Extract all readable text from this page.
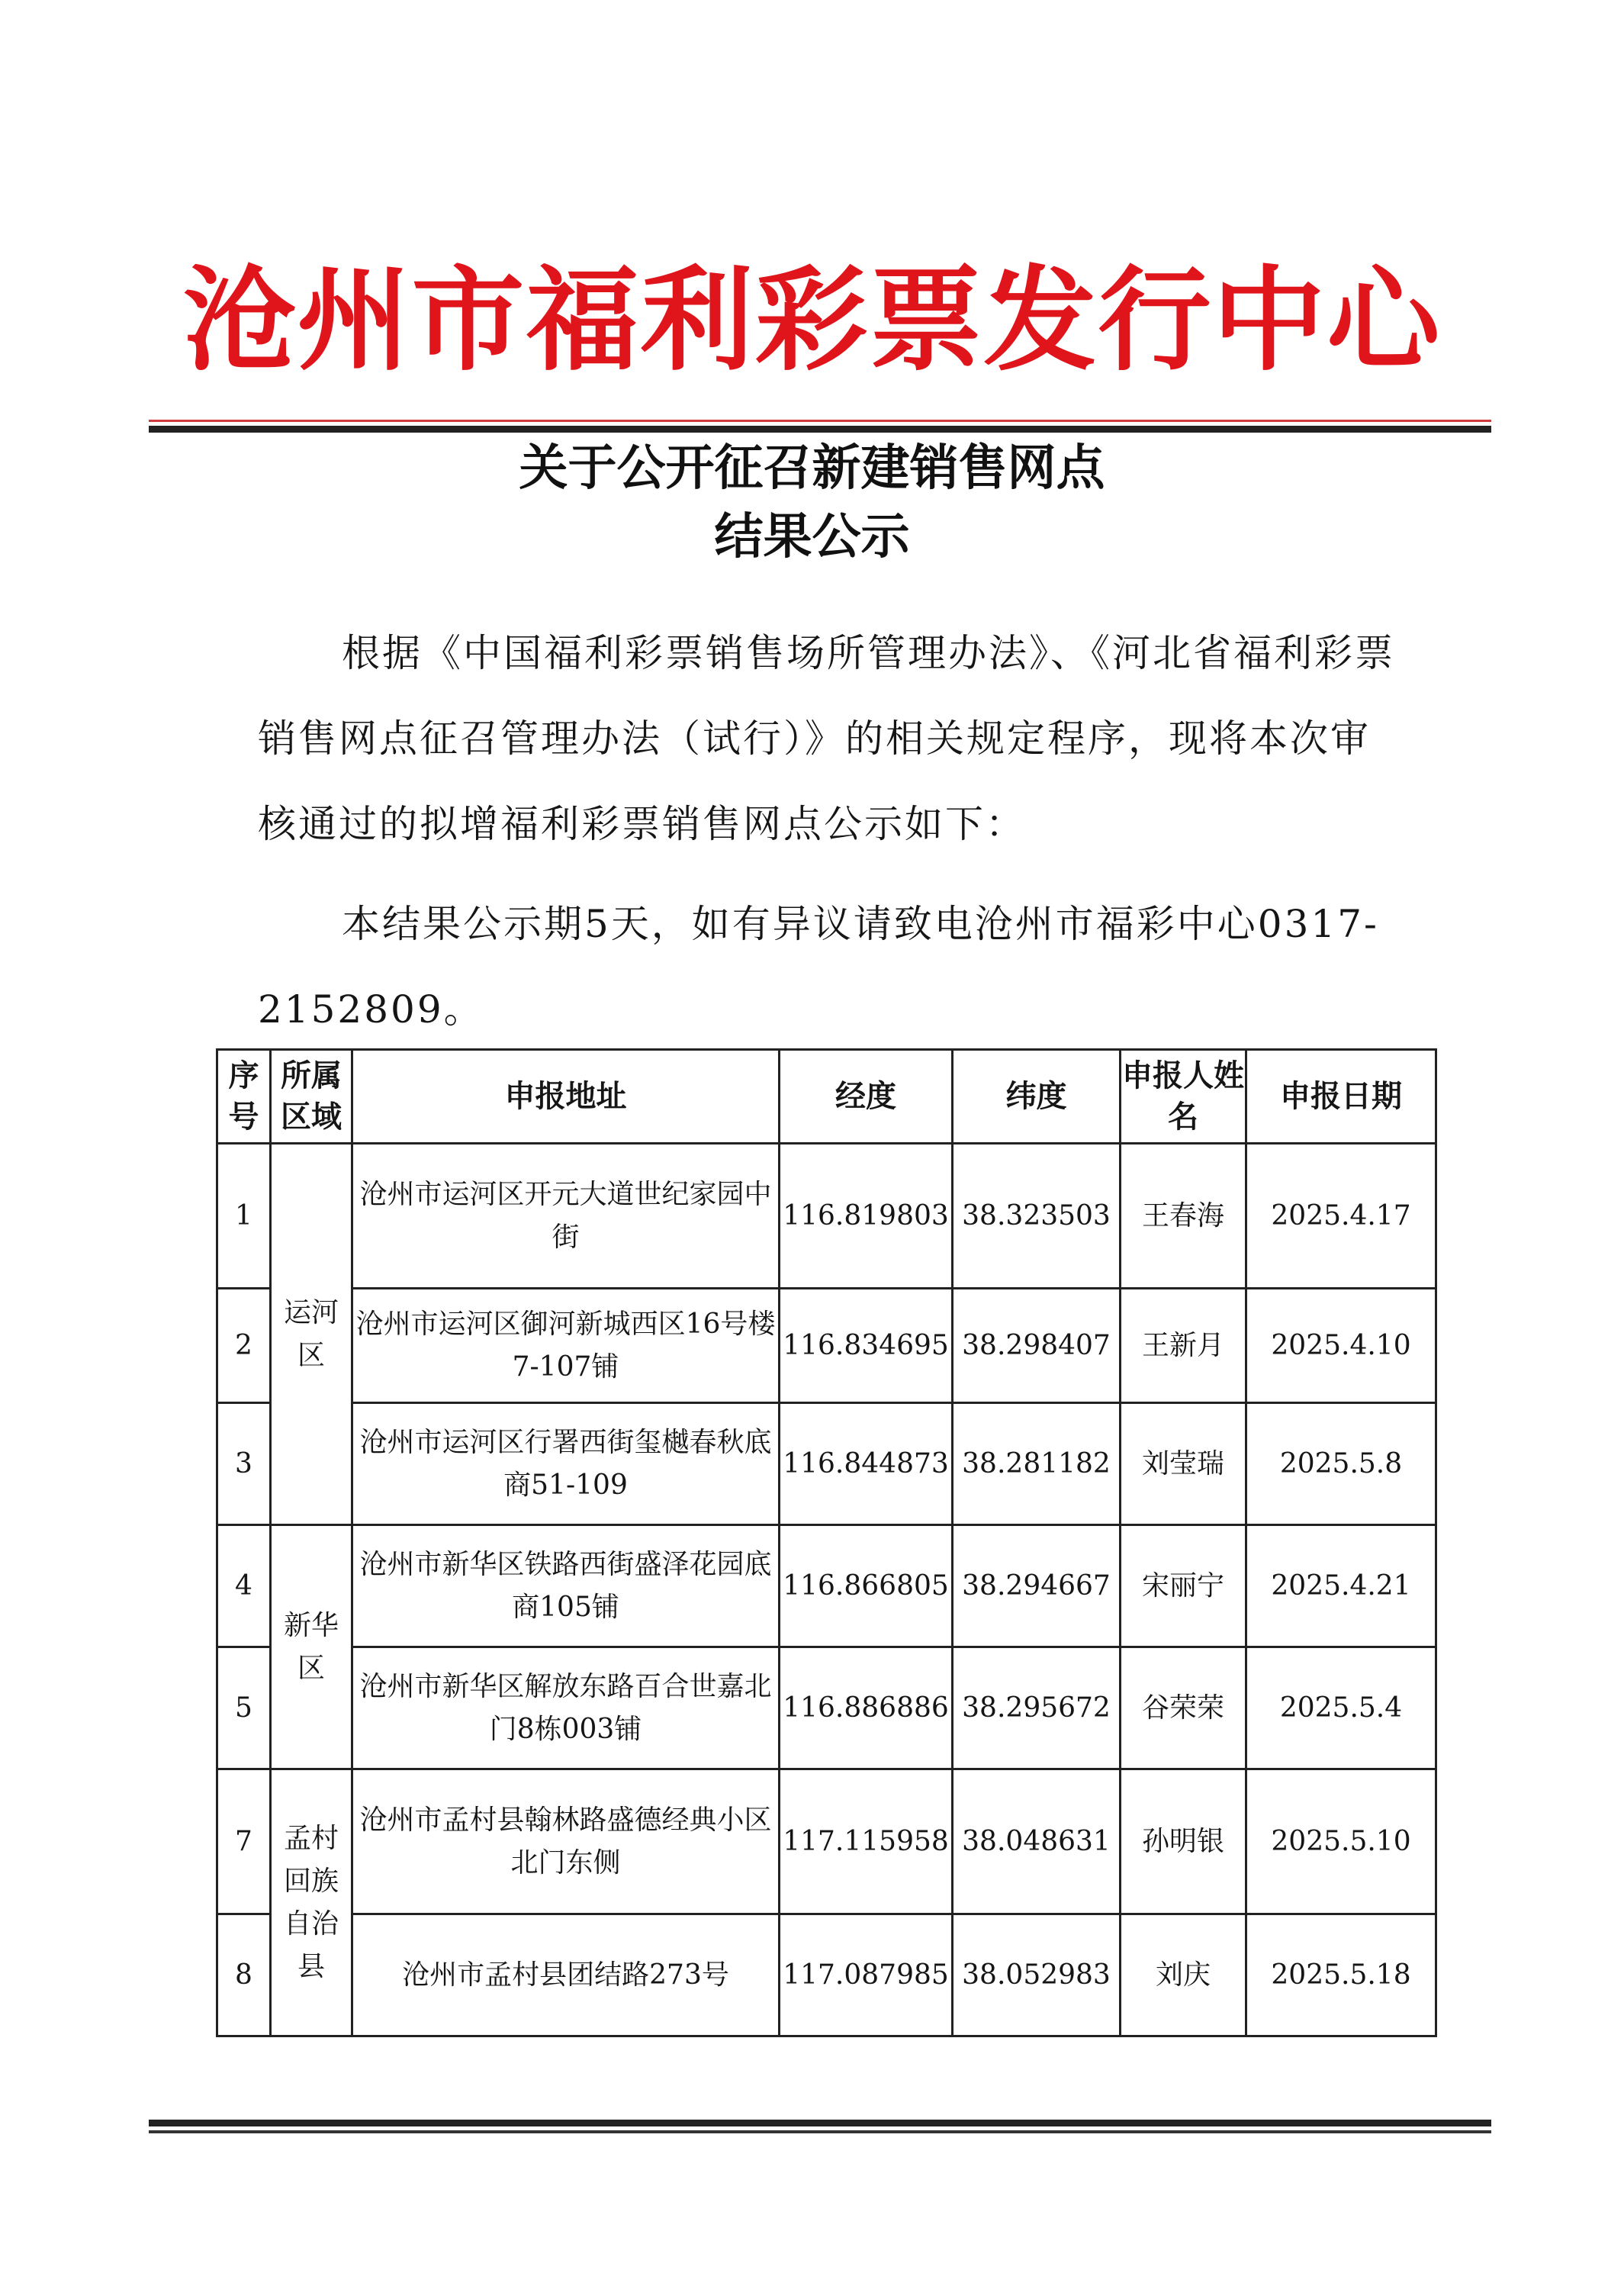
沧州市福利彩票发行中心
关于公开征召新建销售网点
结果公示
根据《中国福利彩票销售场所管理办法》、《河北省福利彩票销售网点征召管理办法（试行）》的相关规定程序，现将本次审核通过的拟增福利彩票销售网点公示如下：
本结果公示期5天，如有异议请致电沧州市福彩中心0317-2152809。
序号	所属区域	申报地址	经度	纬度	申报人姓名	申报日期
1	运河区	沧州市运河区开元大道世纪家园中街	116.819803	38.323503	王春海	2025.4.17
2		沧州市运河区御河新城西区16号楼7-107铺	116.834695	38.298407	王新月	2025.4.10
3		沧州市运河区行署西街玺樾春秋底商51-109	116.844873	38.281182	刘莹瑞	2025.5.8
4	新华区	沧州市新华区铁路西街盛泽花园底商105铺	116.866805	38.294667	宋丽宁	2025.4.21
5		沧州市新华区解放东路百合世嘉北门8栋003铺	116.886886	38.295672	谷荣荣	2025.5.4
7	孟村回族自治县	沧州市孟村县翰林路盛德经典小区北门东侧	117.115958	38.048631	孙明银	2025.5.10
8		沧州市孟村县团结路273号	117.087985	38.052983	刘庆	2025.5.18
